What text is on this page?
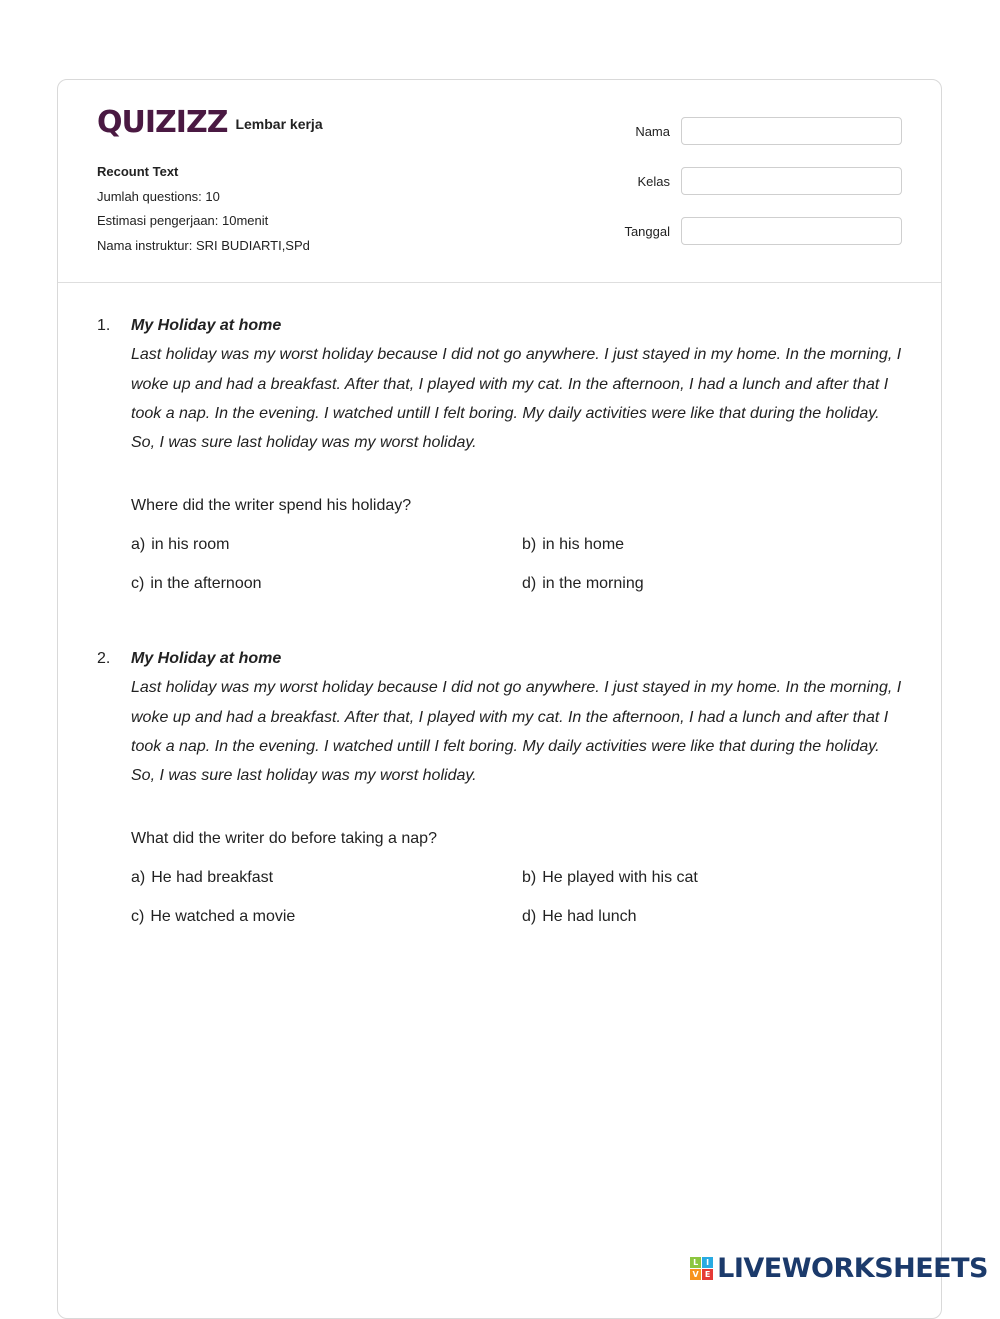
QUIZIZZ Lembar kerja
Recount Text
Jumlah questions: 10
Estimasi pengerjaan: 10menit
Nama instruktur: SRI BUDIARTI,SPd
Nama
Kelas
Tanggal
1. My Holiday at home

Last holiday was my worst holiday because I did not go anywhere. I just stayed in my home. In the morning, I woke up and had a breakfast. After that, I played with my cat. In the afternoon, I had a lunch and after that I took a nap. In the evening. I watched untill I felt boring. My daily activities were like that during the holiday. So, I was sure last holiday was my worst holiday.

Where did the writer spend his holiday?
a) in his room	b) in his home
c) in the afternoon	d) in the morning
2. My Holiday at home

Last holiday was my worst holiday because I did not go anywhere. I just stayed in my home. In the morning, I woke up and had a breakfast. After that, I played with my cat. In the afternoon, I had a lunch and after that I took a nap. In the evening. I watched untill I felt boring. My daily activities were like that during the holiday. So, I was sure last holiday was my worst holiday.

What did the writer do before taking a nap?
a) He had breakfast	b) He played with his cat
c) He watched a movie	d) He had lunch
L I
V E LIVEWORKSHEETS
